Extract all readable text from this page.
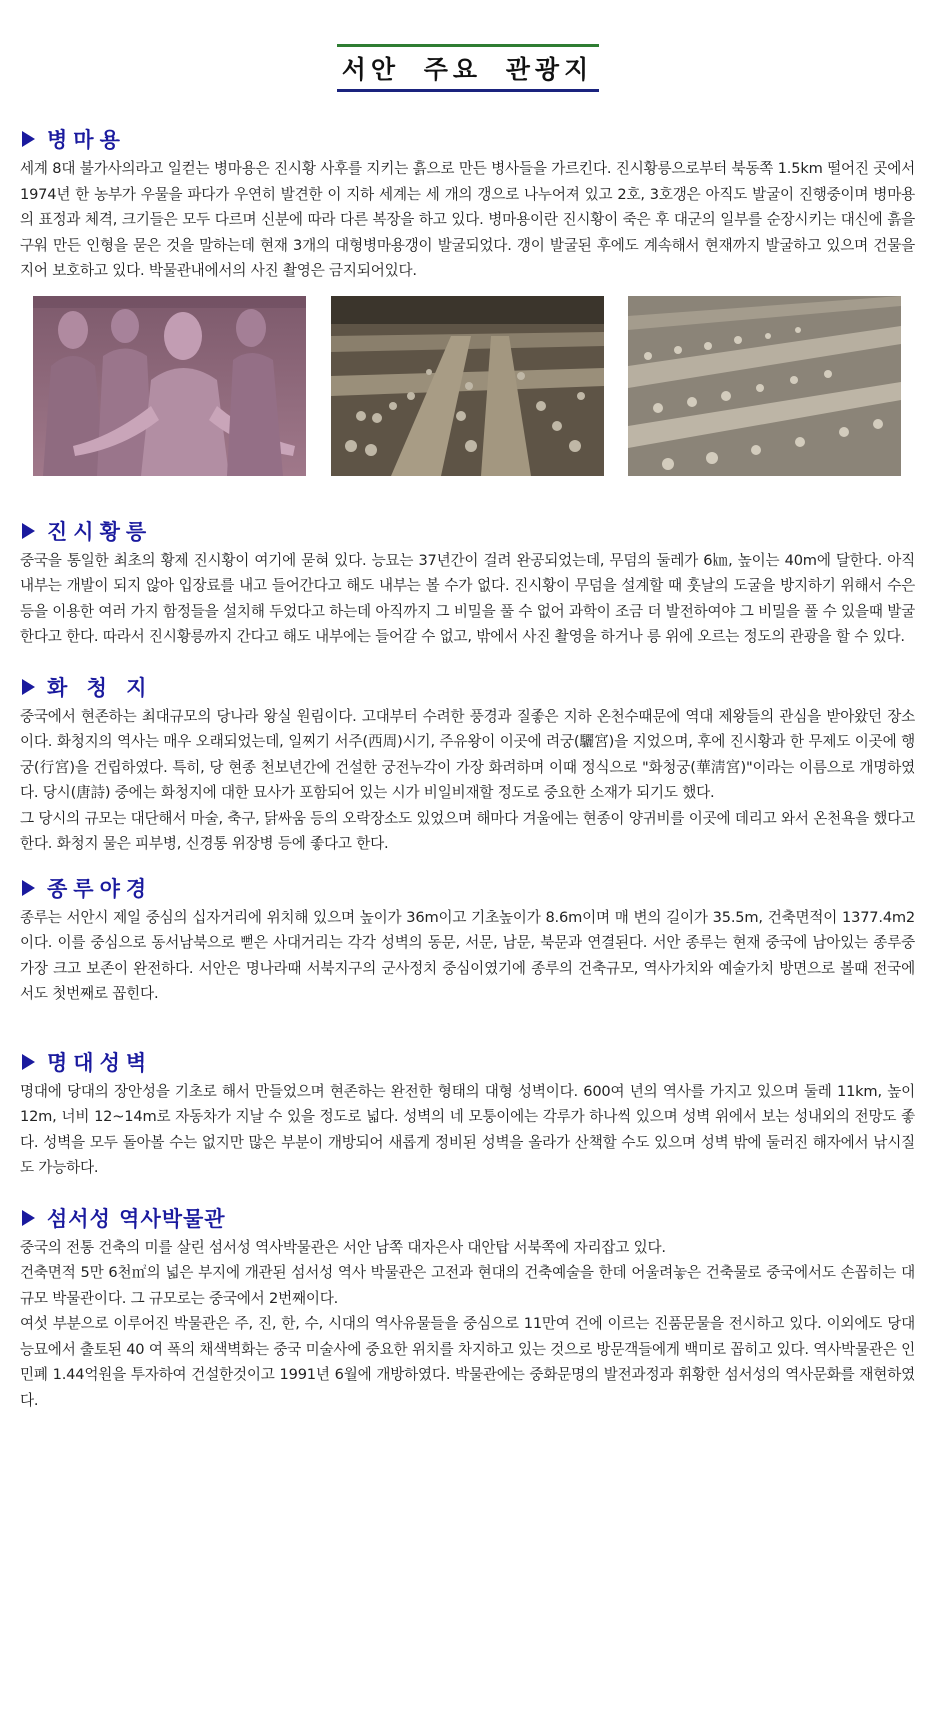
서안 주요 관광지
병마용

세계 8대 불가사의라고 일컫는 병마용은 진시황 사후를 지키는 흙으로 만든 병사들을 가르킨다. 진시황릉으로부터 북동쪽 1.5km 떨어진 곳에서 1974년 한 농부가 우물을 파다가 우연히 발견한 이 지하 세계는 세 개의 갱으로 나누어져 있고 2호, 3호갱은 아직도 발굴이 진행중이며 병마용의 표정과 체격, 크기들은 모두 다르며 신분에 따라 다른 복장을 하고 있다. 병마용이란 진시황이 죽은 후 대군의 일부를 순장시키는 대신에 흙을 구워 만든 인형을 묻은 것을 말하는데 현재 3개의 대형병마용갱이 발굴되었다. 갱이 발굴된 후에도 계속해서 현재까지 발굴하고 있으며 건물을 지어 보호하고 있다. 박물관내에서의 사진 촬영은 금지되어있다.

진시황릉

중국을 통일한 최초의 황제 진시황이 여기에 묻혀 있다. 능묘는 37년간이 걸려 완공되었는데, 무덤의 둘레가 6㎞, 높이는 40m에 달한다. 아직 내부는 개발이 되지 않아 입장료를 내고 들어간다고 해도 내부는 볼 수가 없다. 진시황이 무덤을 설계할 때 훗날의 도굴을 방지하기 위해서 수은 등을 이용한 여러 가지 함정들을 설치해 두었다고 하는데 아직까지 그 비밀을 풀 수 없어 과학이 조금 더 발전하여야 그 비밀을 풀 수 있을때 발굴한다고 한다. 따라서 진시황릉까지 간다고 해도 내부에는 들어갈 수 없고, 밖에서 사진 촬영을 하거나 릉 위에 오르는 정도의 관광을 할 수 있다.

화 청 지

중국에서 현존하는 최대규모의 당나라 왕실 원림이다. 고대부터 수려한 풍경과 질좋은 지하 온천수때문에 역대 제왕들의 관심을 받아왔던 장소이다. 화청지의 역사는 매우 오래되었는데, 일찌기 서주(西周)시기, 주유왕이 이곳에 려궁(驪宮)을 지었으며, 후에 진시황과 한 무제도 이곳에 행궁(行宮)을 건립하였다. 특히, 당 현종 천보년간에 건설한 궁전누각이 가장 화려하며 이때 정식으로 "화청궁(華淸宮)"이라는 이름으로 개명하였다. 당시(唐詩) 중에는 화청지에 대한 묘사가 포함되어 있는 시가 비일비재할 정도로 중요한 소재가 되기도 했다.

그 당시의 규모는 대단해서 마술, 축구, 닭싸움 등의 오락장소도 있었으며 해마다 겨울에는 현종이 양귀비를 이곳에 데리고 와서 온천욕을 했다고 한다. 화청지 물은 피부병, 신경통 위장병 등에 좋다고 한다.

종루야경

종루는 서안시 제일 중심의 십자거리에 위치해 있으며 높이가 36m이고 기초높이가 8.6m이며 매 변의 길이가 35.5m, 건축면적이 1377.4m2이다. 이를 중심으로 동서남북으로 뻗은 사대거리는 각각 성벽의 동문, 서문, 남문, 북문과 연결된다. 서안 종루는 현재 중국에 남아있는 종루중 가장 크고 보존이 완전하다. 서안은 명나라때 서북지구의 군사정치 중심이였기에 종루의 건축규모, 역사가치와 예술가치 방면으로 볼때 전국에서도 첫번째로 꼽힌다.

명대성벽

명대에 당대의 장안성을 기초로 해서 만들었으며 현존하는 완전한 형태의 대형 성벽이다. 600여 년의 역사를 가지고 있으며 둘레 11km, 높이 12m, 너비 12~14m로 자동차가 지날 수 있을 정도로 넓다. 성벽의 네 모퉁이에는 각루가 하나씩 있으며 성벽 위에서 보는 성내외의 전망도 좋다. 성벽을 모두 돌아볼 수는 없지만 많은 부분이 개방되어 새롭게 정비된 성벽을 올라가 산책할 수도 있으며 성벽 밖에 둘러진 해자에서 낚시질도 가능하다.

섬서성 역사박물관

중국의 전통 건축의 미를 살린 섬서성 역사박물관은 서안 남쪽 대자은사 대안탑 서북쪽에 자리잡고 있다.

건축면적 5만 6천㎡의 넓은 부지에 개관된 섬서성 역사 박물관은 고전과 현대의 건축예술을 한데 어울려놓은 건축물로 중국에서도 손꼽히는 대규모 박물관이다. 그 규모로는 중국에서 2번째이다.

여섯 부분으로 이루어진 박물관은 주, 진, 한, 수, 시대의 역사유물들을 중심으로 11만여 건에 이르는 진품문물을 전시하고 있다. 이외에도 당대 능묘에서 출토된 40 여 폭의 채색벽화는 중국 미술사에 중요한 위치를 차지하고 있는 것으로 방문객들에게 백미로 꼽히고 있다. 역사박물관은 인민폐 1.44억원을 투자하여 건설한것이고 1991년 6월에 개방하였다. 박물관에는 중화문명의 발전과정과 휘황한 섬서성의 역사문화를 재현하였다.
